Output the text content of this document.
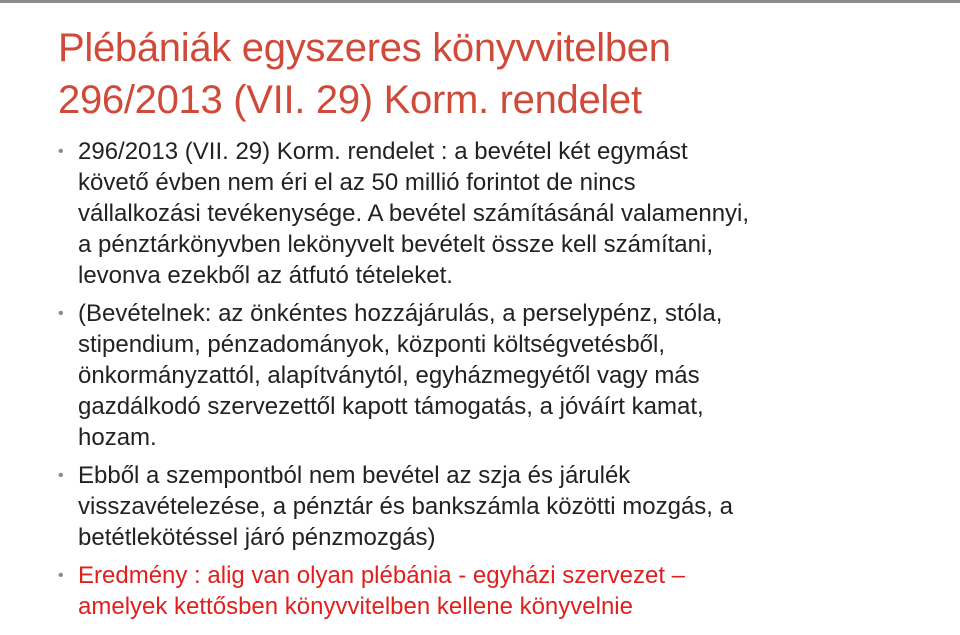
Plébániák egyszeres könyvvitelben
296/2013 (VII. 29) Korm. rendelet
• 296/2013 (VII. 29) Korm. rendelet : a bevétel két egymást
követő évben nem éri el az 50 millió forintot de nincs
vállalkozási tevékenysége. A bevétel számításánál valamennyi,
a pénztárkönyvben lekönyvelt bevételt össze kell számítani,
levonva ezekből az átfutó tételeket.
• (Bevételnek: az önkéntes hozzájárulás, a perselypénz, stóla,
stipendium, pénzadományok, központi költségvetésből,
önkormányzattól, alapítványtól, egyházmegyétől vagy más
gazdálkodó szervezettől kapott támogatás, a jóváírt kamat,
hozam.
• Ebből a szempontból nem bevétel az szja és járulék
visszavételezése, a pénztár és bankszámla közötti mozgás, a
betétlekötéssel járó pénzmozgás)
• Eredmény : alig van olyan plébánia - egyházi szervezet –
amelyek kettősben könyvvitelben kellene könyvelnie
